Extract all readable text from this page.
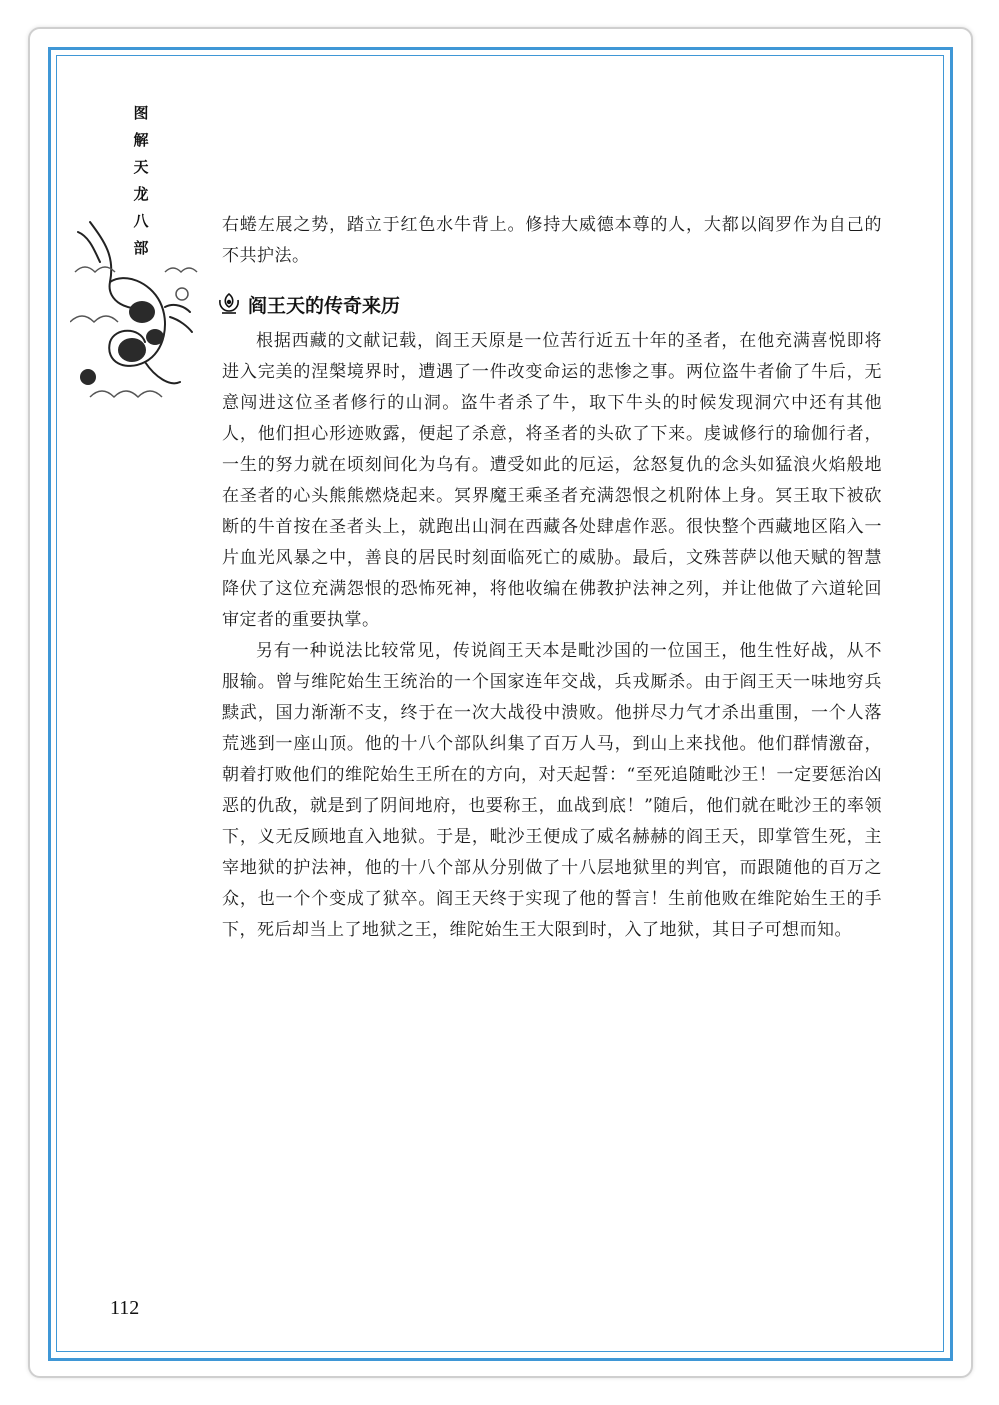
图
解
天
龙
八
部

右蜷左展之势，踏立于红色水牛背上。修持大威德本尊的人，大都以阎罗作为自己的不共护法。

阎王天的传奇来历

根据西藏的文献记载，阎王天原是一位苦行近五十年的圣者，在他充满喜悦即将进入完美的涅槃境界时，遭遇了一件改变命运的悲惨之事。两位盗牛者偷了牛后，无意闯进这位圣者修行的山洞。盗牛者杀了牛，取下牛头的时候发现洞穴中还有其他人，他们担心形迹败露，便起了杀意，将圣者的头砍了下来。虔诚修行的瑜伽行者，一生的努力就在顷刻间化为乌有。遭受如此的厄运，忿怒复仇的念头如猛浪火焰般地在圣者的心头熊熊燃烧起来。冥界魔王乘圣者充满怨恨之机附体上身。冥王取下被砍断的牛首按在圣者头上，就跑出山洞在西藏各处肆虐作恶。很快整个西藏地区陷入一片血光风暴之中，善良的居民时刻面临死亡的威胁。最后，文殊菩萨以他天赋的智慧降伏了这位充满怨恨的恐怖死神，将他收编在佛教护法神之列，并让他做了六道轮回审定者的重要执掌。

另有一种说法比较常见，传说阎王天本是毗沙国的一位国王，他生性好战，从不服输。曾与维陀始生王统治的一个国家连年交战，兵戎厮杀。由于阎王天一味地穷兵黩武，国力渐渐不支，终于在一次大战役中溃败。他拼尽力气才杀出重围，一个人落荒逃到一座山顶。他的十八个部队纠集了百万人马，到山上来找他。他们群情激奋，朝着打败他们的维陀始生王所在的方向，对天起誓：“至死追随毗沙王！一定要惩治凶恶的仇敌，就是到了阴间地府，也要称王，血战到底！”随后，他们就在毗沙王的率领下，义无反顾地直入地狱。于是，毗沙王便成了威名赫赫的阎王天，即掌管生死，主宰地狱的护法神，他的十八个部从分别做了十八层地狱里的判官，而跟随他的百万之众，也一个个变成了狱卒。阎王天终于实现了他的誓言！生前他败在维陀始生王的手下，死后却当上了地狱之王，维陀始生王大限到时，入了地狱，其日子可想而知。

112
